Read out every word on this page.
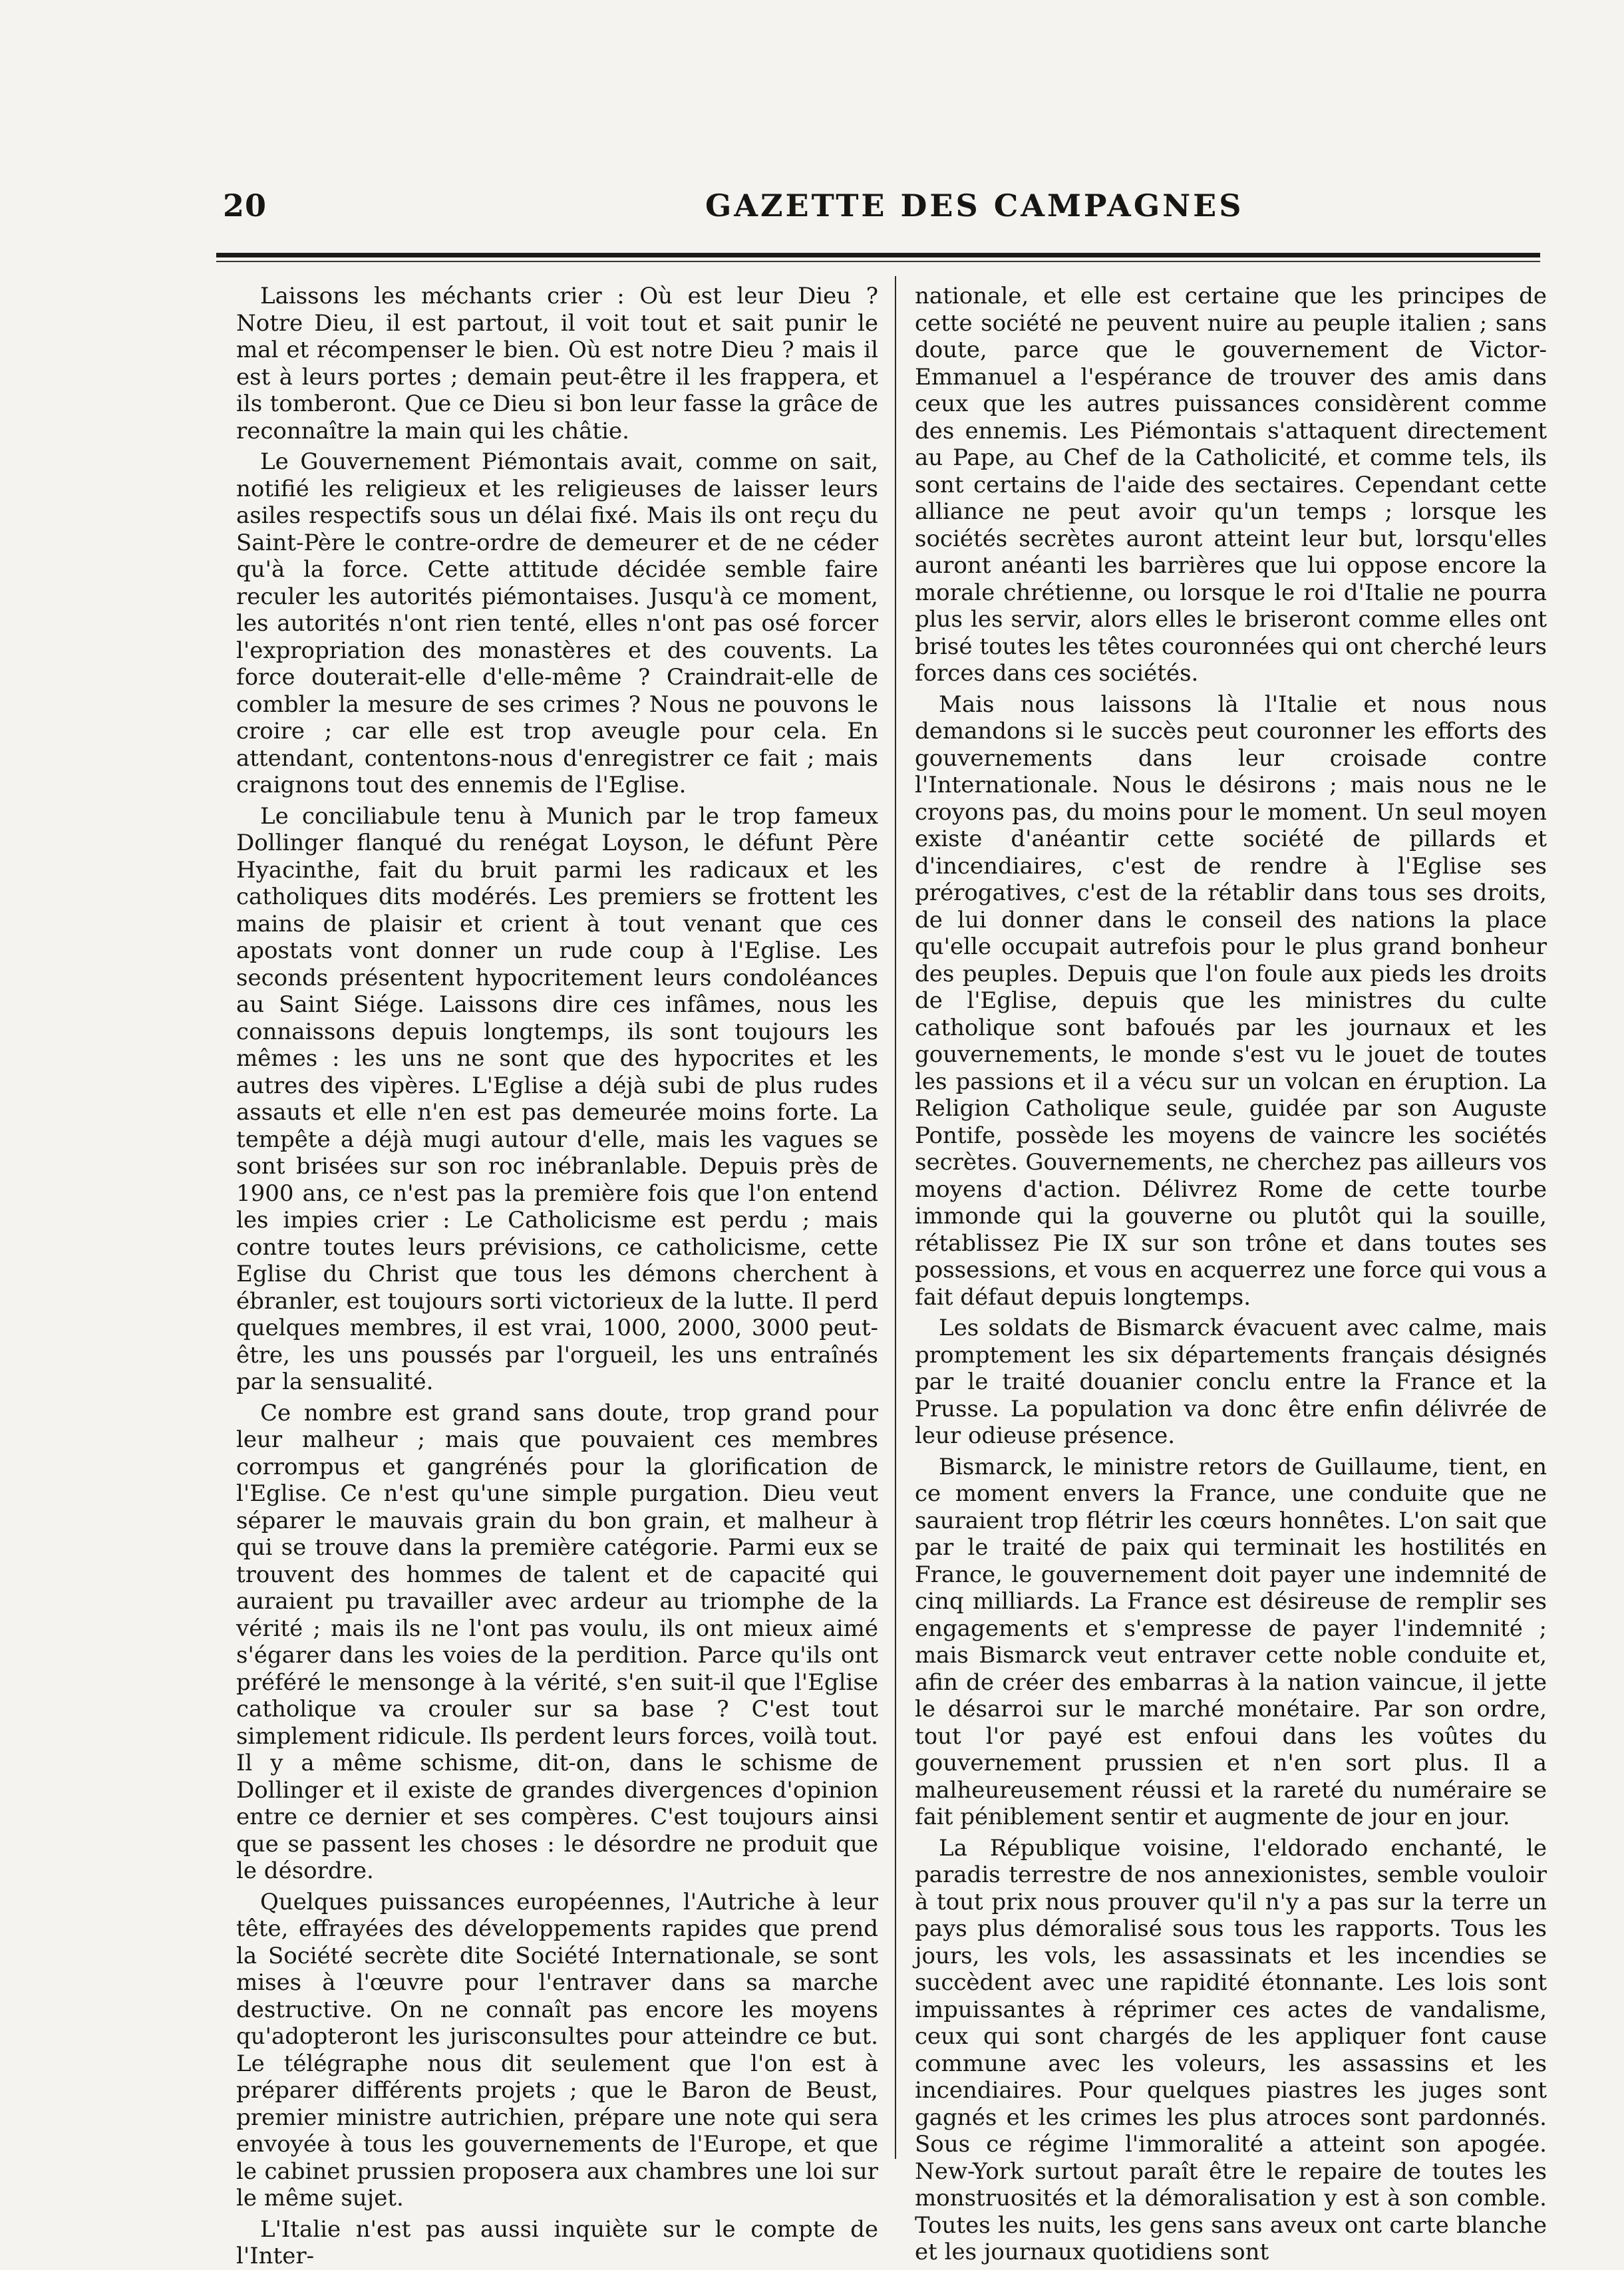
20	GAZETTE DES CAMPAGNES

Laissons les méchants crier : Où est leur Dieu ? Notre Dieu, il est partout, il voit tout et sait punir le mal et récompenser le bien. Où est notre Dieu ? mais il est à leurs portes ; demain peut-être il les frappera, et ils tomberont. Que ce Dieu si bon leur fasse la grâce de reconnaître la main qui les châtie.

Le Gouvernement Piémontais avait, comme on sait, notifié les religieux et les religieuses de laisser leurs asiles respectifs sous un délai fixé. Mais ils ont reçu du Saint-Père le contre-ordre de demeurer et de ne céder qu'à la force. Cette attitude décidée semble faire reculer les autorités piémontaises. Jusqu'à ce moment, les autorités n'ont rien tenté, elles n'ont pas osé forcer l'expropriation des monastères et des couvents. La force douterait-elle d'elle-même ? Craindrait-elle de combler la mesure de ses crimes ? Nous ne pouvons le croire ; car elle est trop aveugle pour cela. En attendant, contentons-nous d'enregistrer ce fait ; mais craignons tout des ennemis de l'Eglise.

Le conciliabule tenu à Munich par le trop fameux Dollinger flanqué du renégat Loyson, le défunt Père Hyacinthe, fait du bruit parmi les radicaux et les catholiques dits modérés. Les premiers se frottent les mains de plaisir et crient à tout venant que ces apostats vont donner un rude coup à l'Eglise. Les seconds présentent hypocritement leurs condoléances au Saint Siége. Laissons dire ces infâmes, nous les connaissons depuis longtemps, ils sont toujours les mêmes : les uns ne sont que des hypocrites et les autres des vipères. L'Eglise a déjà subi de plus rudes assauts et elle n'en est pas demeurée moins forte. La tempête a déjà mugi autour d'elle, mais les vagues se sont brisées sur son roc inébranlable. Depuis près de 1900 ans, ce n'est pas la première fois que l'on entend les impies crier : Le Catholicisme est perdu ; mais contre toutes leurs prévisions, ce catholicisme, cette Eglise du Christ que tous les démons cherchent à ébranler, est toujours sorti victorieux de la lutte. Il perd quelques membres, il est vrai, 1000, 2000, 3000 peut-être, les uns poussés par l'orgueil, les uns entraînés par la sensualité.

Ce nombre est grand sans doute, trop grand pour leur malheur ; mais que pouvaient ces membres corrompus et gangrénés pour la glorification de l'Eglise. Ce n'est qu'une simple purgation. Dieu veut séparer le mauvais grain du bon grain, et malheur à qui se trouve dans la première catégorie. Parmi eux se trouvent des hommes de talent et de capacité qui auraient pu travailler avec ardeur au triomphe de la vérité ; mais ils ne l'ont pas voulu, ils ont mieux aimé s'égarer dans les voies de la perdition. Parce qu'ils ont préféré le mensonge à la vérité, s'en suit-il que l'Eglise catholique va crouler sur sa base ? C'est tout simplement ridicule. Ils perdent leurs forces, voilà tout. Il y a même schisme, dit-on, dans le schisme de Dollinger et il existe de grandes divergences d'opinion entre ce dernier et ses compères. C'est toujours ainsi que se passent les choses : le désordre ne produit que le désordre.

Quelques puissances européennes, l'Autriche à leur tête, effrayées des développements rapides que prend la Société secrète dite Société Internationale, se sont mises à l'œuvre pour l'entraver dans sa marche destructive. On ne connaît pas encore les moyens qu'adopteront les jurisconsultes pour atteindre ce but. Le télégraphe nous dit seulement que l'on est à préparer différents projets ; que le Baron de Beust, premier ministre autrichien, prépare une note qui sera envoyée à tous les gouvernements de l'Europe, et que le cabinet prussien proposera aux chambres une loi sur le même sujet.

L'Italie n'est pas aussi inquiète sur le compte de l'Inter-

nationale, et elle est certaine que les principes de cette société ne peuvent nuire au peuple italien ; sans doute, parce que le gouvernement de Victor-Emmanuel a l'espérance de trouver des amis dans ceux que les autres puissances considèrent comme des ennemis. Les Piémontais s'attaquent directement au Pape, au Chef de la Catholicité, et comme tels, ils sont certains de l'aide des sectaires. Cependant cette alliance ne peut avoir qu'un temps ; lorsque les sociétés secrètes auront atteint leur but, lorsqu'elles auront anéanti les barrières que lui oppose encore la morale chrétienne, ou lorsque le roi d'Italie ne pourra plus les servir, alors elles le briseront comme elles ont brisé toutes les têtes couronnées qui ont cherché leurs forces dans ces sociétés.

Mais nous laissons là l'Italie et nous nous demandons si le succès peut couronner les efforts des gouvernements dans leur croisade contre l'Internationale. Nous le désirons ; mais nous ne le croyons pas, du moins pour le moment. Un seul moyen existe d'anéantir cette société de pillards et d'incendiaires, c'est de rendre à l'Eglise ses prérogatives, c'est de la rétablir dans tous ses droits, de lui donner dans le conseil des nations la place qu'elle occupait autrefois pour le plus grand bonheur des peuples. Depuis que l'on foule aux pieds les droits de l'Eglise, depuis que les ministres du culte catholique sont bafoués par les journaux et les gouvernements, le monde s'est vu le jouet de toutes les passions et il a vécu sur un volcan en éruption. La Religion Catholique seule, guidée par son Auguste Pontife, possède les moyens de vaincre les sociétés secrètes. Gouvernements, ne cherchez pas ailleurs vos moyens d'action. Délivrez Rome de cette tourbe immonde qui la gouverne ou plutôt qui la souille, rétablissez Pie IX sur son trône et dans toutes ses possessions, et vous en acquerrez une force qui vous a fait défaut depuis longtemps.

Les soldats de Bismarck évacuent avec calme, mais promptement les six départements français désignés par le traité douanier conclu entre la France et la Prusse. La population va donc être enfin délivrée de leur odieuse présence.

Bismarck, le ministre retors de Guillaume, tient, en ce moment envers la France, une conduite que ne sauraient trop flétrir les cœurs honnêtes. L'on sait que par le traité de paix qui terminait les hostilités en France, le gouvernement doit payer une indemnité de cinq milliards. La France est désireuse de remplir ses engagements et s'empresse de payer l'indemnité ; mais Bismarck veut entraver cette noble conduite et, afin de créer des embarras à la nation vaincue, il jette le désarroi sur le marché monétaire. Par son ordre, tout l'or payé est enfoui dans les voûtes du gouvernement prussien et n'en sort plus. Il a malheureusement réussi et la rareté du numéraire se fait péniblement sentir et augmente de jour en jour.

La République voisine, l'eldorado enchanté, le paradis terrestre de nos annexionistes, semble vouloir à tout prix nous prouver qu'il n'y a pas sur la terre un pays plus démoralisé sous tous les rapports. Tous les jours, les vols, les assassinats et les incendies se succèdent avec une rapidité étonnante. Les lois sont impuissantes à réprimer ces actes de vandalisme, ceux qui sont chargés de les appliquer font cause commune avec les voleurs, les assassins et les incendiaires. Pour quelques piastres les juges sont gagnés et les crimes les plus atroces sont pardonnés. Sous ce régime l'immoralité a atteint son apogée. New-York surtout paraît être le repaire de toutes les monstruosités et la démoralisation y est à son comble. Toutes les nuits, les gens sans aveux ont carte blanche et les journaux quotidiens sont
